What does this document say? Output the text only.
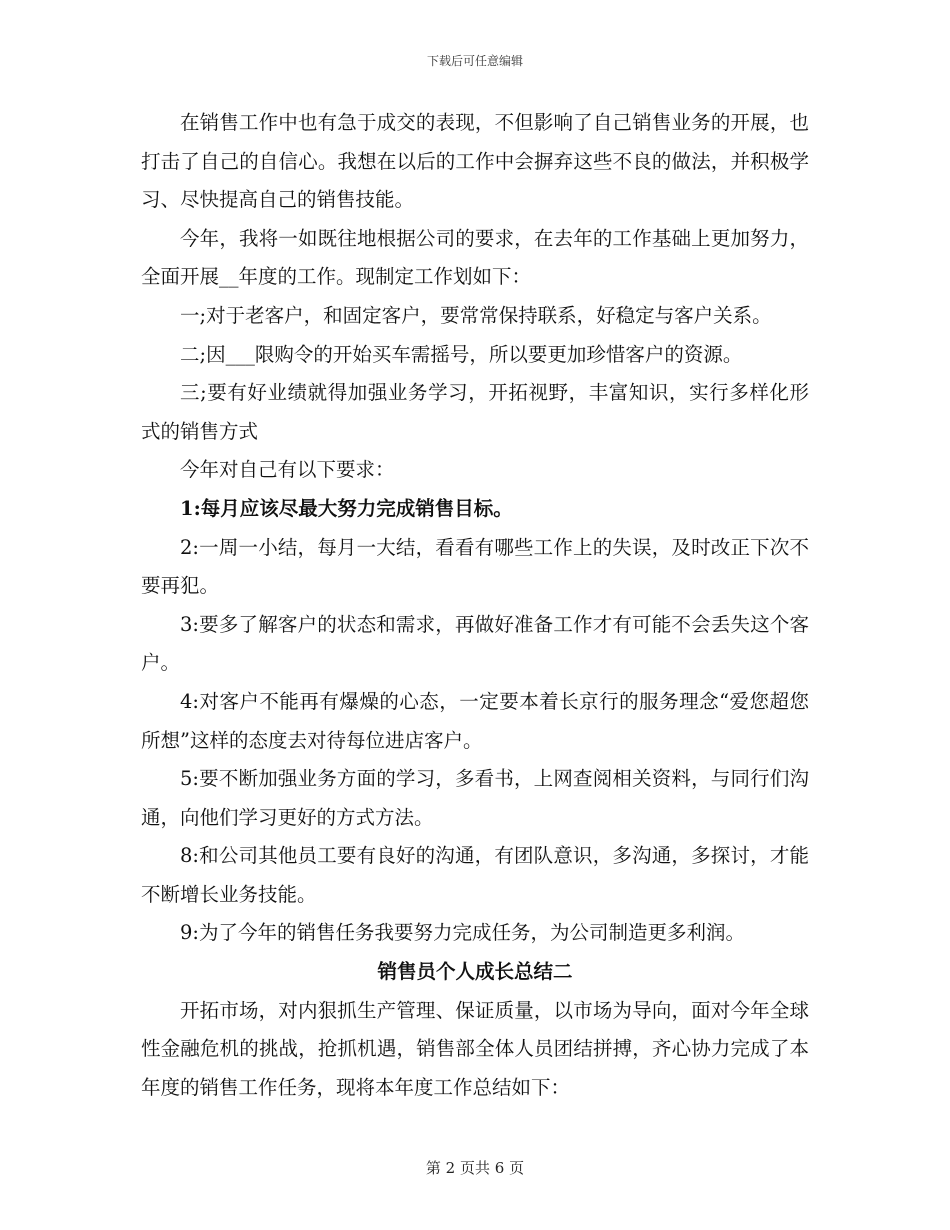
下载后可任意编辑

在销售工作中也有急于成交的表现，不但影响了自己销售业务的开展，也打击了自己的自信心。我想在以后的工作中会摒弃这些不良的做法，并积极学习、尽快提高自己的销售技能。

今年，我将一如既往地根据公司的要求，在去年的工作基础上更加努力，全面开展__年度的工作。现制定工作划如下：

一;对于老客户，和固定客户，要常常保持联系，好稳定与客户关系。

二;因___限购令的开始买车需摇号，所以要更加珍惜客户的资源。

三;要有好业绩就得加强业务学习，开拓视野，丰富知识，实行多样化形式的销售方式

今年对自己有以下要求：

1:每月应该尽最大努力完成销售目标。

2:一周一小结，每月一大结，看看有哪些工作上的失误，及时改正下次不要再犯。

3:要多了解客户的状态和需求，再做好准备工作才有可能不会丢失这个客户。

4:对客户不能再有爆燥的心态，一定要本着长京行的服务理念“爱您超您所想”这样的态度去对待每位进店客户。

5:要不断加强业务方面的学习，多看书，上网查阅相关资料，与同行们沟通，向他们学习更好的方式方法。

8:和公司其他员工要有良好的沟通，有团队意识，多沟通，多探讨，才能不断增长业务技能。

9:为了今年的销售任务我要努力完成任务，为公司制造更多利润。

销售员个人成长总结二

开拓市场，对内狠抓生产管理、保证质量，以市场为导向，面对今年全球性金融危机的挑战，抢抓机遇，销售部全体人员团结拼搏，齐心协力完成了本年度的销售工作任务，现将本年度工作总结如下：

第 2 页共 6 页
